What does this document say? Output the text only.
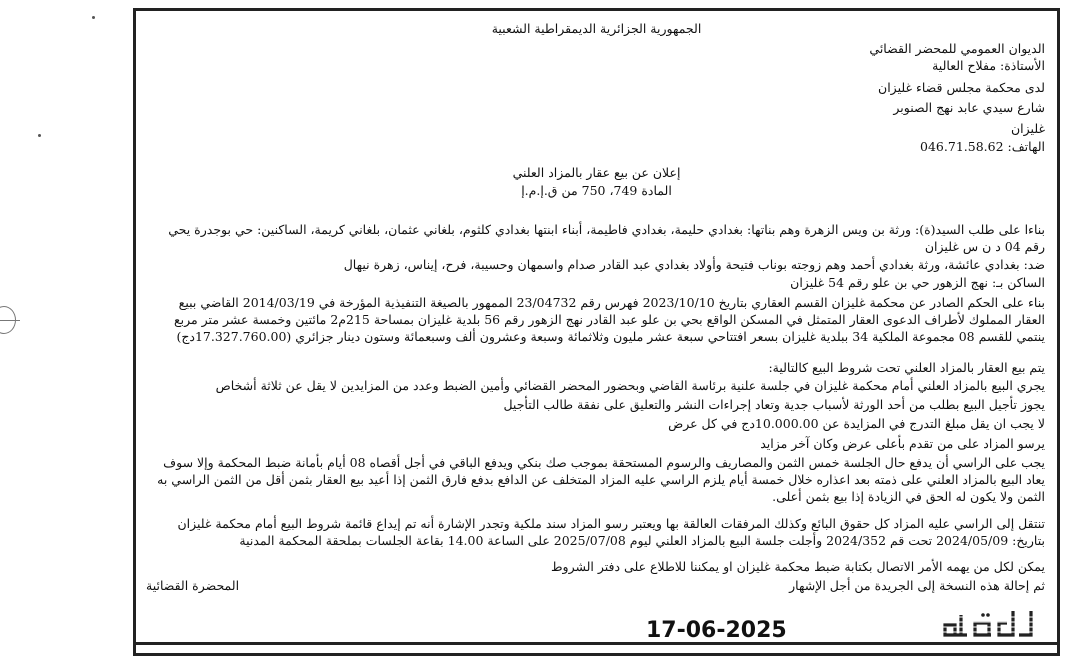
الجمهورية الجزائرية الديمقراطية الشعبية
الديوان العمومي للمحضر القضائي
الأستاذة: مفلاح العالية
لدى محكمة مجلس قضاء غليزان
شارع سيدي عابد نهج الصنوبر
غليزان
الهاتف: 046.71.58.62
إعلان عن بيع عقار بالمزاد العلني
المادة 749، 750 من ق.إ.م.إ
بناءا على طلب السيد(ة): ورثة بن ويس الزهرة وهم بناتها: بغدادي حليمة، بغدادي فاطيمة، أبناء ابنتها بغدادي كلثوم، بلغاني عثمان، بلغاني كريمة، الساكنين: حي بوجدرة يحي رقم 04 د ن س غليزان
ضد: بغدادي عائشة، ورثة بغدادي أحمد وهم زوجته بوناب فتيحة وأولاد بغدادي عبد القادر صدام واسمهان وحسيبة، فرح، إيناس، زهرة نيهال
الساكن بـ: نهج الزهور حي بن علو رقم 54 غليزان
بناء على الحكم الصادر عن محكمة غليزان القسم العقاري بتاريخ 2023/10/10 فهرس رقم 23/04732 الممهور بالصيغة التنفيذية المؤرخة في 2014/03/19 القاضي ببيع العقار المملوك لأطراف الدعوى العقار المتمثل في المسكن الواقع بحي بن علو عبد القادر نهج الزهور رقم 56 بلدية غليزان بمساحة 215م2 مائتين وخمسة عشر متر مربع ينتمي للقسم 08 مجموعة الملكية 34 ببلدية غليزان بسعر افتتاحي سبعة عشر مليون وثلاثمائة وسبعة وعشرون ألف وسبعمائة وستون دينار جزائري (17.327.760.00دج)
يتم بيع العقار بالمزاد العلني تحت شروط البيع كالتالية:
يجري البيع بالمزاد العلني أمام محكمة غليزان في جلسة علنية برئاسة القاضي وبحضور المحضر القضائي وأمين الضبط وعدد من المزايدين لا يقل عن ثلاثة أشخاص
يجوز تأجيل البيع بطلب من أحد الورثة لأسباب جدية وتعاد إجراءات النشر والتعليق على نفقة طالب التأجيل
لا يجب ان يقل مبلغ التدرج في المزايدة عن 10.000.00دج في كل عرض
يرسو المزاد على من تقدم بأعلى عرض وكان آخر مزايد
يجب على الراسي أن يدفع حال الجلسة خمس الثمن والمصاريف والرسوم المستحقة بموجب صك بنكي ويدفع الباقي في أجل أقصاه 08 أيام بأمانة ضبط المحكمة وإلا سوف يعاد البيع بالمزاد العلني على ذمته بعد اعذاره خلال خمسة أيام يلزم الراسي عليه المزاد المتخلف عن الدافع بدفع فارق الثمن إذا أعيد بيع العقار بثمن أقل من الثمن الراسي به الثمن ولا يكون له الحق في الزيادة إذا بيع بثمن أعلى.
تنتقل إلى الراسي عليه المزاد كل حقوق البائع وكذلك المرفقات العالقة بها ويعتبر رسو المزاد سند ملكية وتجدر الإشارة أنه تم إيداع قائمة شروط البيع أمام محكمة غليزان بتاريخ: 2024/05/09 تحت قم 2024/352 وأجلت جلسة البيع بالمزاد العلني ليوم 2025/07/08 على الساعة 14.00 بقاعة الجلسات بملحقة المحكمة المدنية
يمكن لكل من يهمه الأمر الاتصال بكتابة ضبط محكمة غليزان او يمكننا للاطلاع على دفتر الشروط
ثم إحالة هذه النسخة إلى الجريدة من أجل الإشهار
المحضرة القضائية
17-06-2025
